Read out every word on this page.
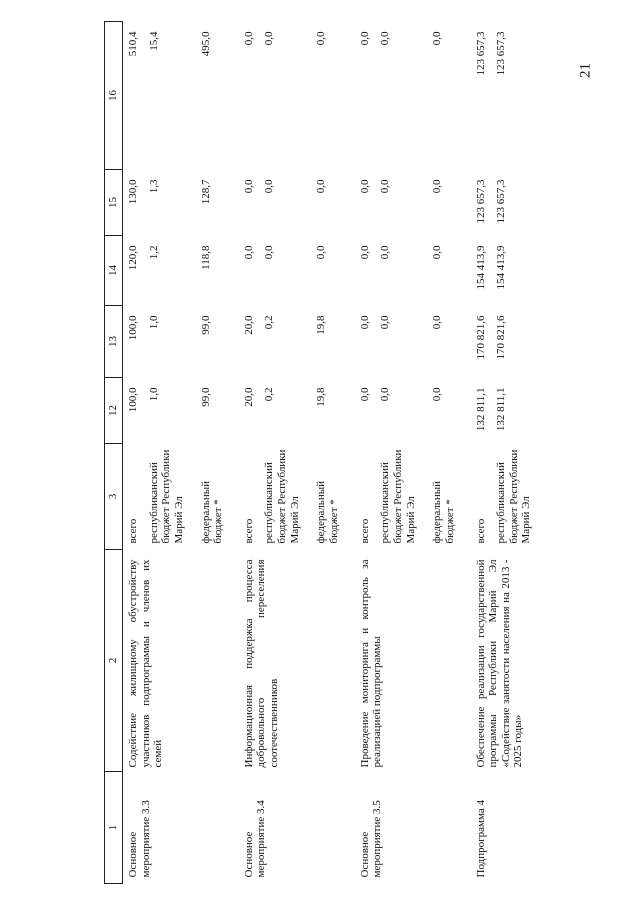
21
1	2	3	12	13	14	15	16
Основное мероприятие 3.3	Содействие жилищному обустройству участников подпрограммы и членов их семей	всего	100,0	100,0	120,0	130,0	510,4
		республиканский бюджет Республики Марий Эл	1,0	1,0	1,2	1,3	15,4
		федеральный бюджет *	99,0	99,0	118,8	128,7	495,0
Основное мероприятие 3.4	Информационная поддержка процесса добровольного переселения соотечественников	всего	20,0	20,0	0,0	0,0	0,0
		республиканский бюджет Республики Марий Эл	0,2	0,2	0,0	0,0	0,0
		федеральный бюджет *	19,8	19,8	0,0	0,0	0,0
Основное мероприятие 3.5	Проведение мониторинга и контроль за реализацией подпрограммы	всего	0,0	0,0	0,0	0,0	0,0
		республиканский бюджет Республики Марий Эл	0,0	0,0	0,0	0,0	0,0
		федеральный бюджет *	0,0	0,0	0,0	0,0	0,0
Подпрограмма 4	Обеспечение реализации государственной программы Республики Марий Эл «Содействие занятости населения на 2013 - 2025 годы»	всего	132 811,1	170 821,6	154 413,9	123 657,3	123 657,3
		республиканский бюджет Республики Марий Эл	132 811,1	170 821,6	154 413,9	123 657,3	123 657,3
